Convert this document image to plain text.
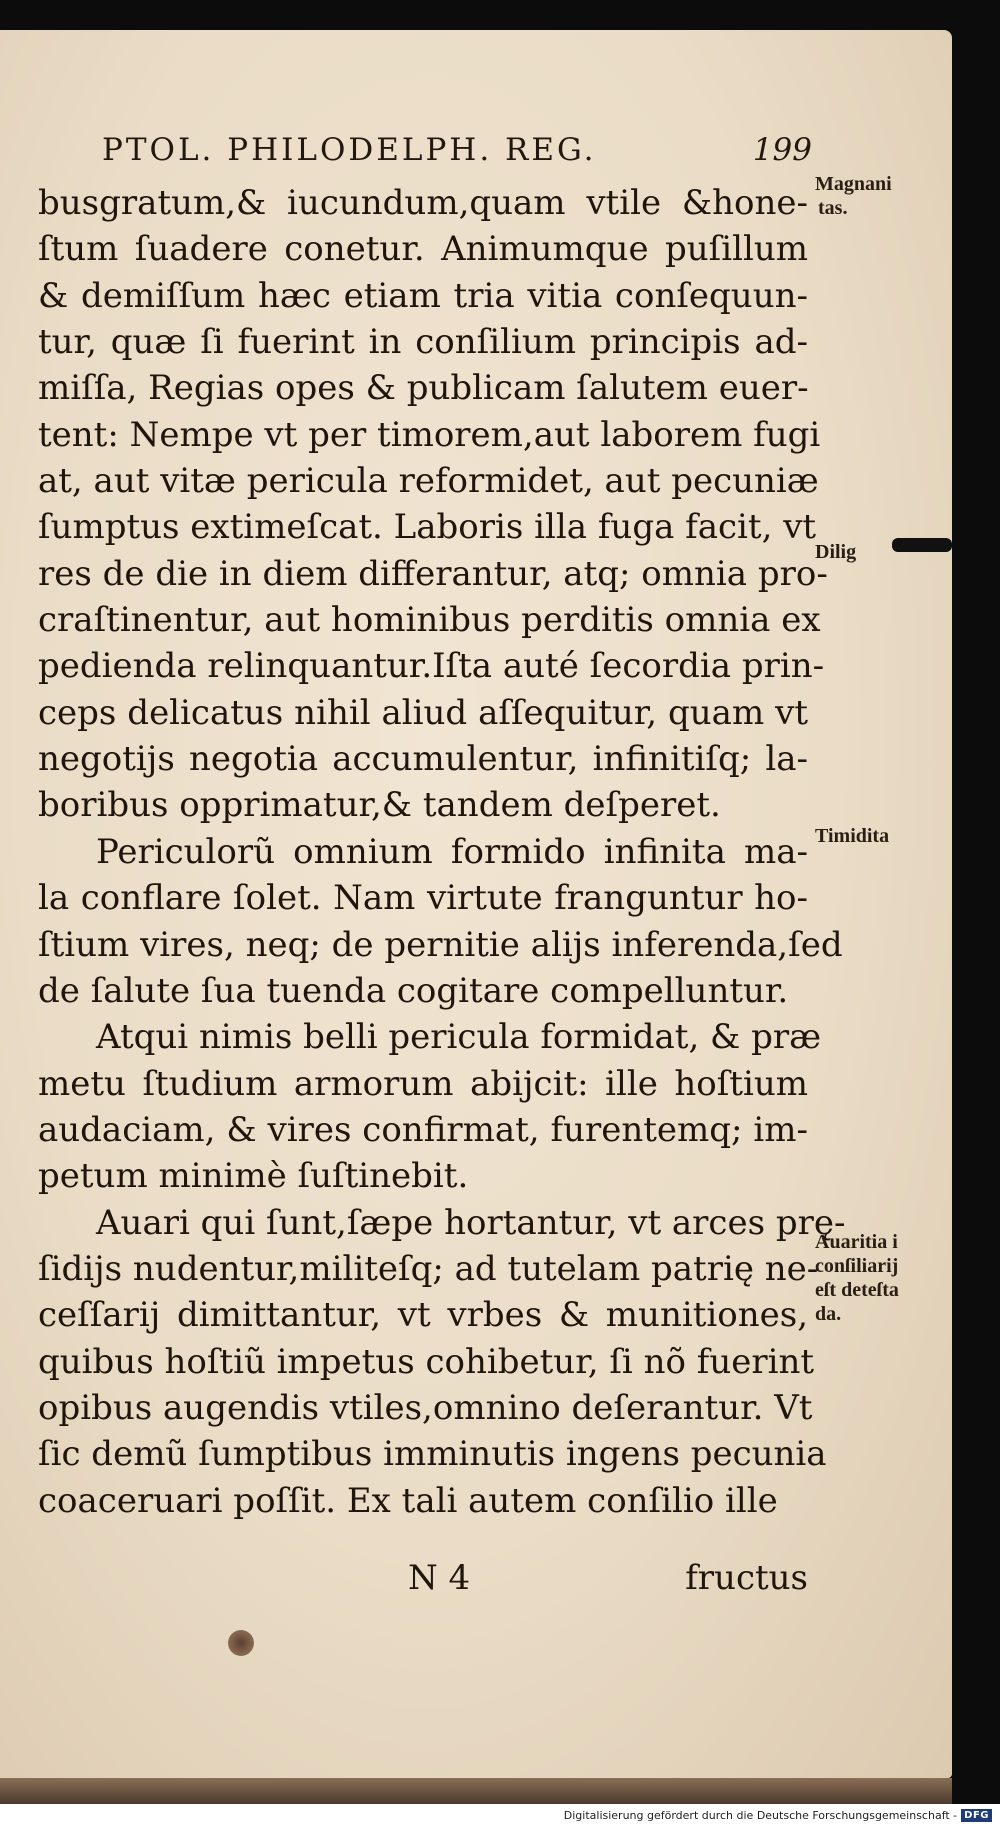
PTOL. PHILODELPH. REG.	199
busgratum,& iucundum,quam vtile &hone-
ſtum ſuadere conetur. Animumque puſillum
& demiſſum hæc etiam tria vitia conſequun-
tur, quæ ſi fuerint in conſilium principis ad-
miſſa, Regias opes & publicam ſalutem euer-
tent: Nempe vt per timorem,aut laborem fugi
at, aut vitæ pericula reformidet, aut pecuniæ
ſumptus extimeſcat. Laboris illa fuga facit, vt
res de die in diem differantur, atq; omnia pro-
craſtinentur, aut hominibus perditis omnia ex
pedienda relinquantur.Iſta auté ſecordia prin-
ceps delicatus nihil aliud aſſequitur, quam vt
negotijs negotia accumulentur, infinitiſq; la-
boribus opprimatur,& tandem deſperet.
Periculorũ omnium formido infinita ma-
la conflare ſolet. Nam virtute franguntur ho-
ſtium vires, neq; de pernitie alijs inferenda,ſed
de ſalute ſua tuenda cogitare compelluntur.
Atqui nimis belli pericula formidat, & præ
metu ſtudium armorum abijcit: ille hoſtium
audaciam, & vires confirmat, furentemq; im-
petum minimè ſuſtinebit.
Auari qui ſunt,ſæpe hortantur, vt arces prę-
ſidijs nudentur,militeſq; ad tutelam patrię ne-
ceſſarij dimittantur, vt vrbes & munitiones,
quibus hoſtiũ impetus cohibetur, ſi nõ fuerint
opibus augendis vtiles,omnino deſerantur. Vt
ſic demũ ſumptibus imminutis ingens pecunia
coaceruari poſſit. Ex tali autem conſilio ille
N 4	fructus
Magnani
tas.
Dilig
Timidita
Auaritia i
conſiliarij
eſt deteſta
da.
Digitalisierung gefördert durch die Deutsche Forschungsgemeinschaft - DFG
